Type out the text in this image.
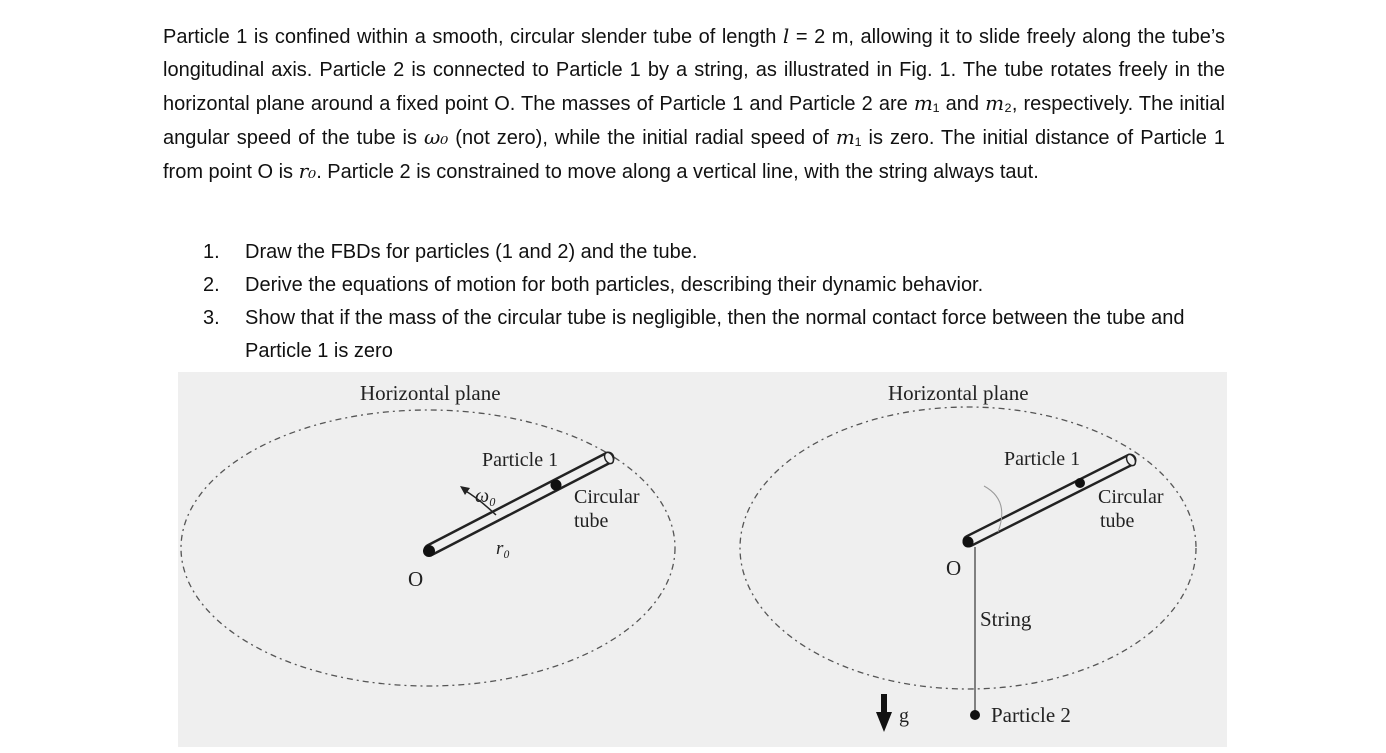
Particle 1 is confined within a smooth, circular slender tube of length l = 2 m, allowing it to slide freely along the tube’s longitudinal axis. Particle 2 is connected to Particle 1 by a string, as illustrated in Fig. 1. The tube rotates freely in the horizontal plane around a fixed point O. The masses of Particle 1 and Particle 2 are m₁ and m₂, respectively. The initial angular speed of the tube is ω₀ (not zero), while the initial radial speed of m₁ is zero. The initial distance of Particle 1 from point O is r₀. Particle 2 is constrained to move along a vertical line, with the string always taut.

1.	Draw the FBDs for particles (1 and 2) and the tube.
2.	Derive the equations of motion for both particles, describing their dynamic behavior.
3.	Show that if the mass of the circular tube is negligible, then the normal contact force between the tube and Particle 1 is zero
Horizontal plane
Particle 1
Circular
tube
ω₀
r₀
O
Horizontal plane
Particle 1
Circular
tube
O
String
Particle 2
g
